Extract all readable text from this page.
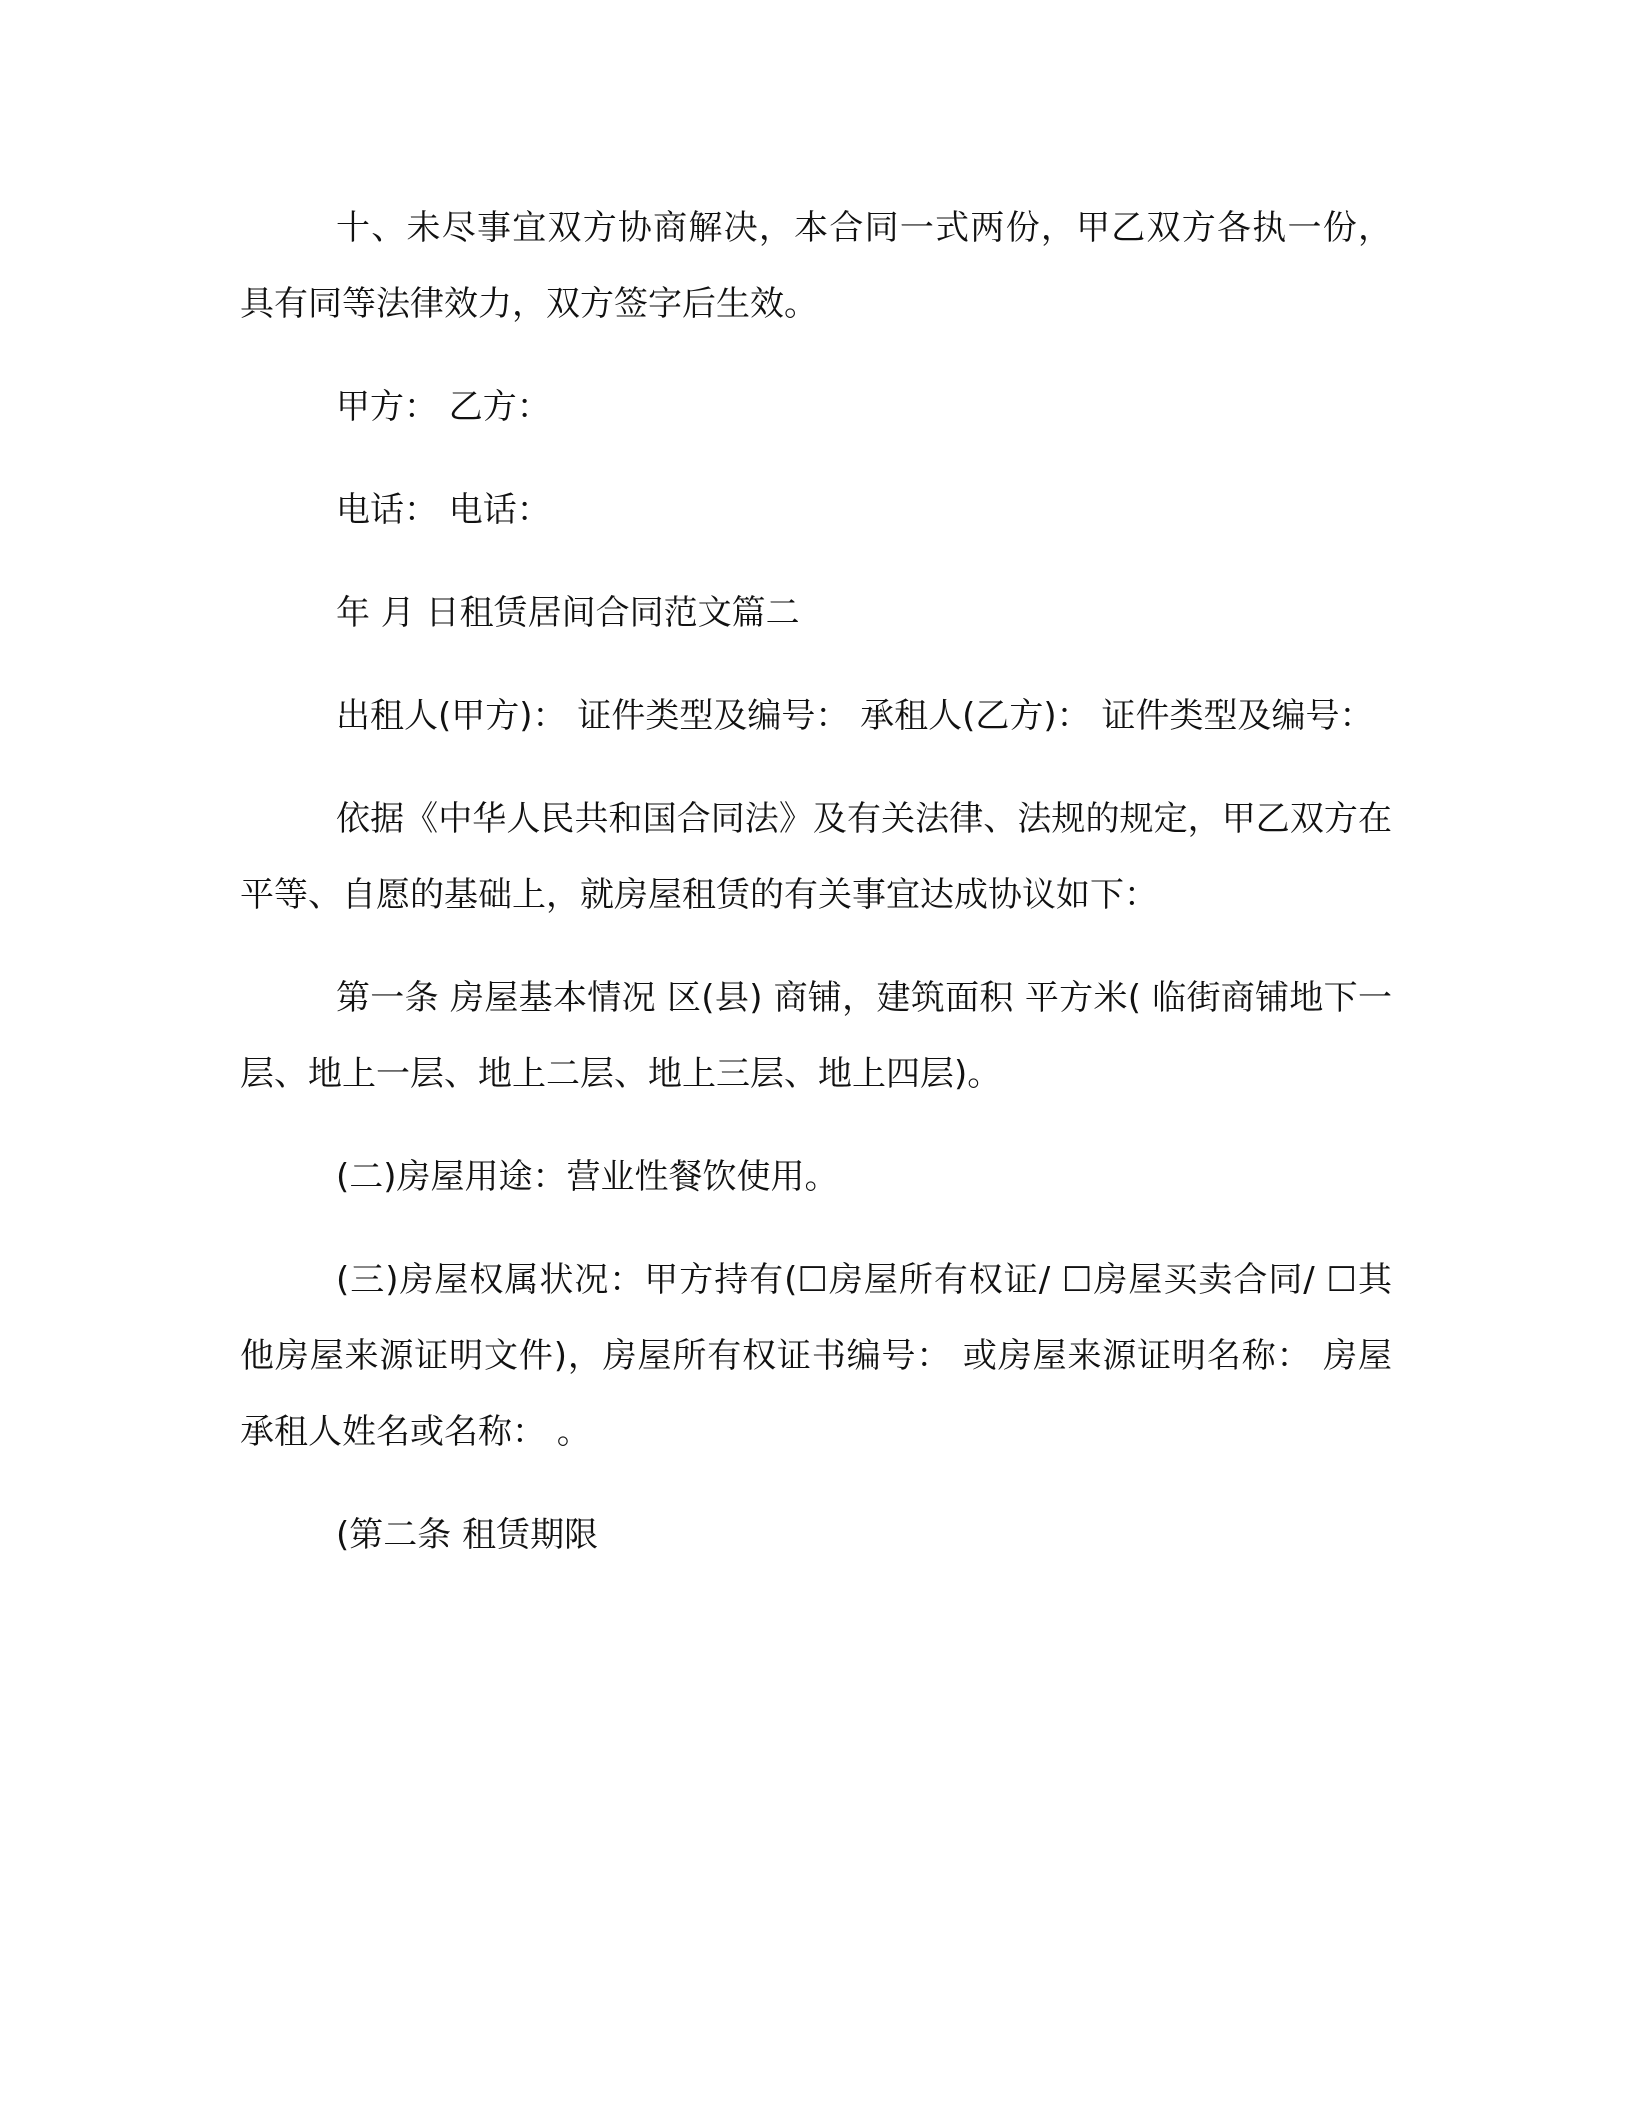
十、未尽事宜双方协商解决，本合同一式两份，甲乙双方各执一份， 具有同等法律效力，双方签字后生效。

甲方： 乙方：

电话： 电话：

年 月 日租赁居间合同范文篇二

出租人(甲方)： 证件类型及编号： 承租人(乙方)： 证件类型及编号：

依据《中华人民共和国合同法》及有关法律、法规的规定，甲乙双方在平等、自愿的基础上，就房屋租赁的有关事宜达成协议如下：

第一条 房屋基本情况 区(县) 商铺，建筑面积 平方米( 临街商铺地下一层、地上一层、地上二层、地上三层、地上四层)。

(二)房屋用途：营业性餐饮使用。

(三)房屋权属状况：甲方持有(☐房屋所有权证/ ☐房屋买卖合同/ ☐其他房屋来源证明文件)，房屋所有权证书编号： 或房屋来源证明名称： 房屋承租人姓名或名称： 。

(第二条 租赁期限
